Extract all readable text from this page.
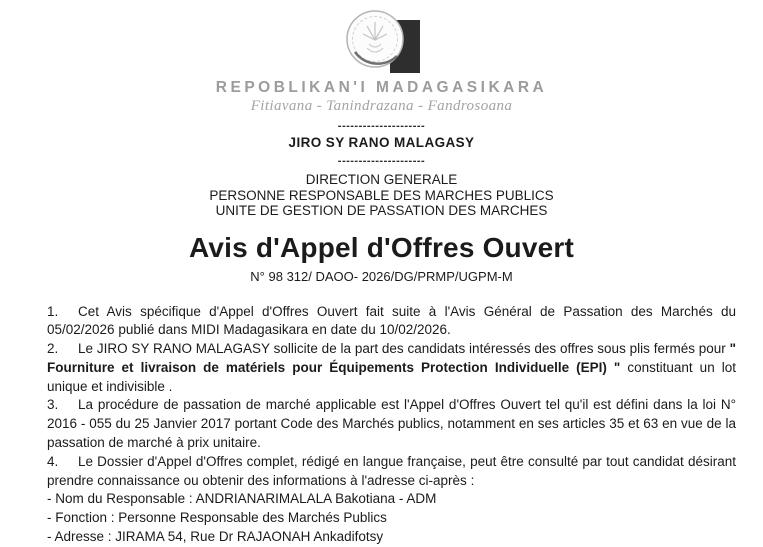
REPOBLIKAN'I MADAGASIKARA
Fitiavana - Tanindrazana - Fandrosoana
---------------------
JIRO SY RANO MALAGASY
---------------------
DIRECTION GENERALE
PERSONNE RESPONSABLE DES MARCHES PUBLICS
UNITE DE GESTION DE PASSATION DES MARCHES
Avis d'Appel d'Offres Ouvert
N° 98 312/ DAOO- 2026/DG/PRMP/UGPM-M

1. Cet Avis spécifique d'Appel d'Offres Ouvert fait suite à l'Avis Général de Passation des Marchés du 05/02/2026 publié dans MIDI Madagasikara en date du 10/02/2026.

2. Le JIRO SY RANO MALAGASY sollicite de la part des candidats intéressés des offres sous plis fermés pour " Fourniture et livraison de matériels pour Équipements Protection Individuelle (EPI) " constituant un lot unique et indivisible .

3. La procédure de passation de marché applicable est l'Appel d'Offres Ouvert tel qu'il est défini dans la loi N° 2016 - 055 du 25 Janvier 2017 portant Code des Marchés publics, notamment en ses articles 35 et 63 en vue de la passation de marché à prix unitaire.

4. Le Dossier d'Appel d'Offres complet, rédigé en langue française, peut être consulté par tout candidat désirant prendre connaissance ou obtenir des informations à l'adresse ci-après :

- Nom du Responsable : ANDRIANARIMALALA Bakotiana - ADM

- Fonction : Personne Responsable des Marchés Publics

- Adresse : JIRAMA 54, Rue Dr RAJAONAH Ankadifotsy
